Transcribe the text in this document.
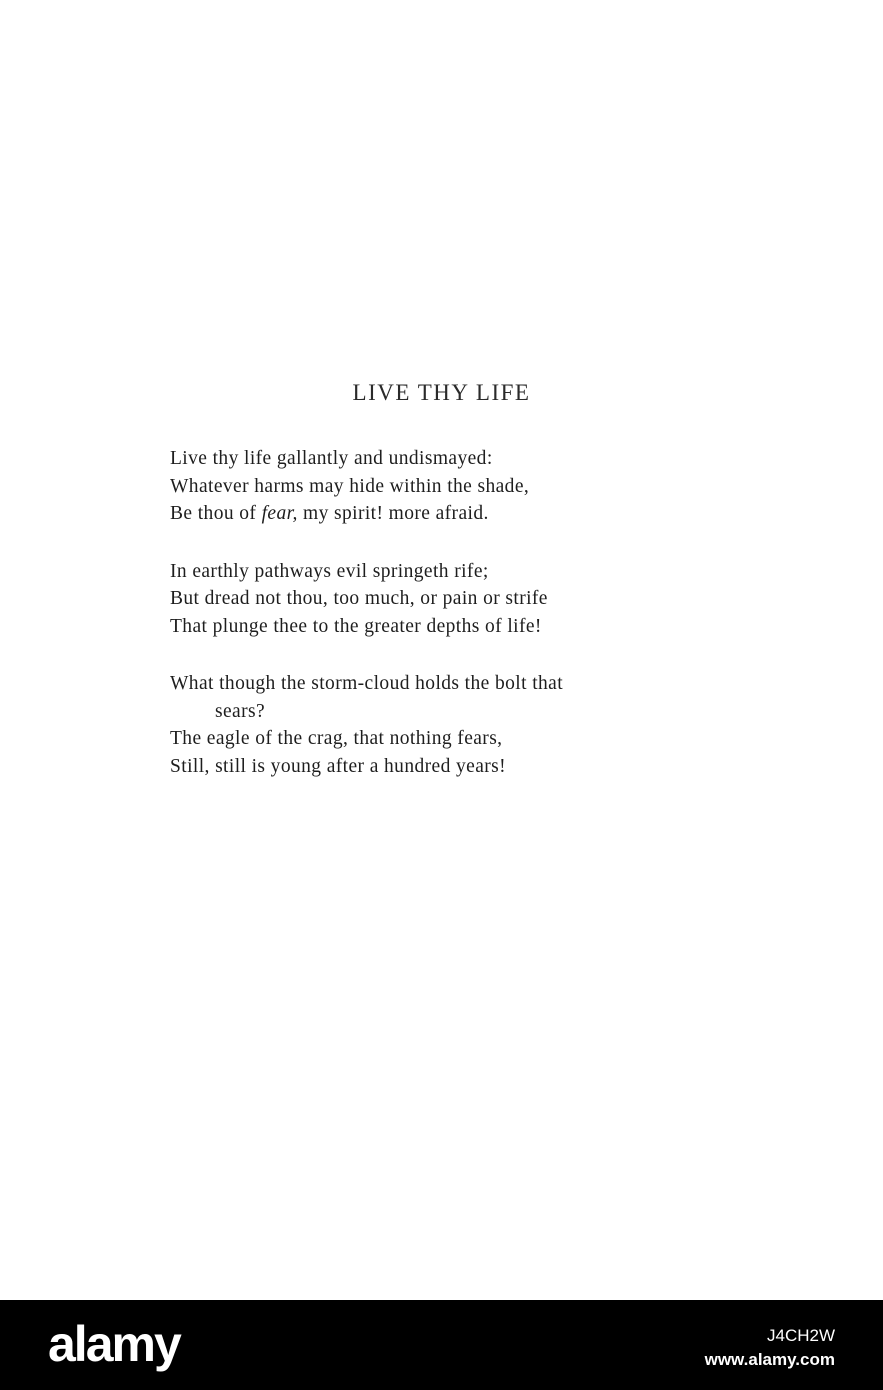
LIVE THY LIFE
Live thy life gallantly and undismayed:
Whatever harms may hide within the shade,
Be thou of fear, my spirit! more afraid.
In earthly pathways evil springeth rife;
But dread not thou, too much, or pain or strife
That plunge thee to the greater depths of life!
What though the storm-cloud holds the bolt that
sears?
The eagle of the crag, that nothing fears,
Still, still is young after a hundred years!
alamy	J4CH2W
www.alamy.com
